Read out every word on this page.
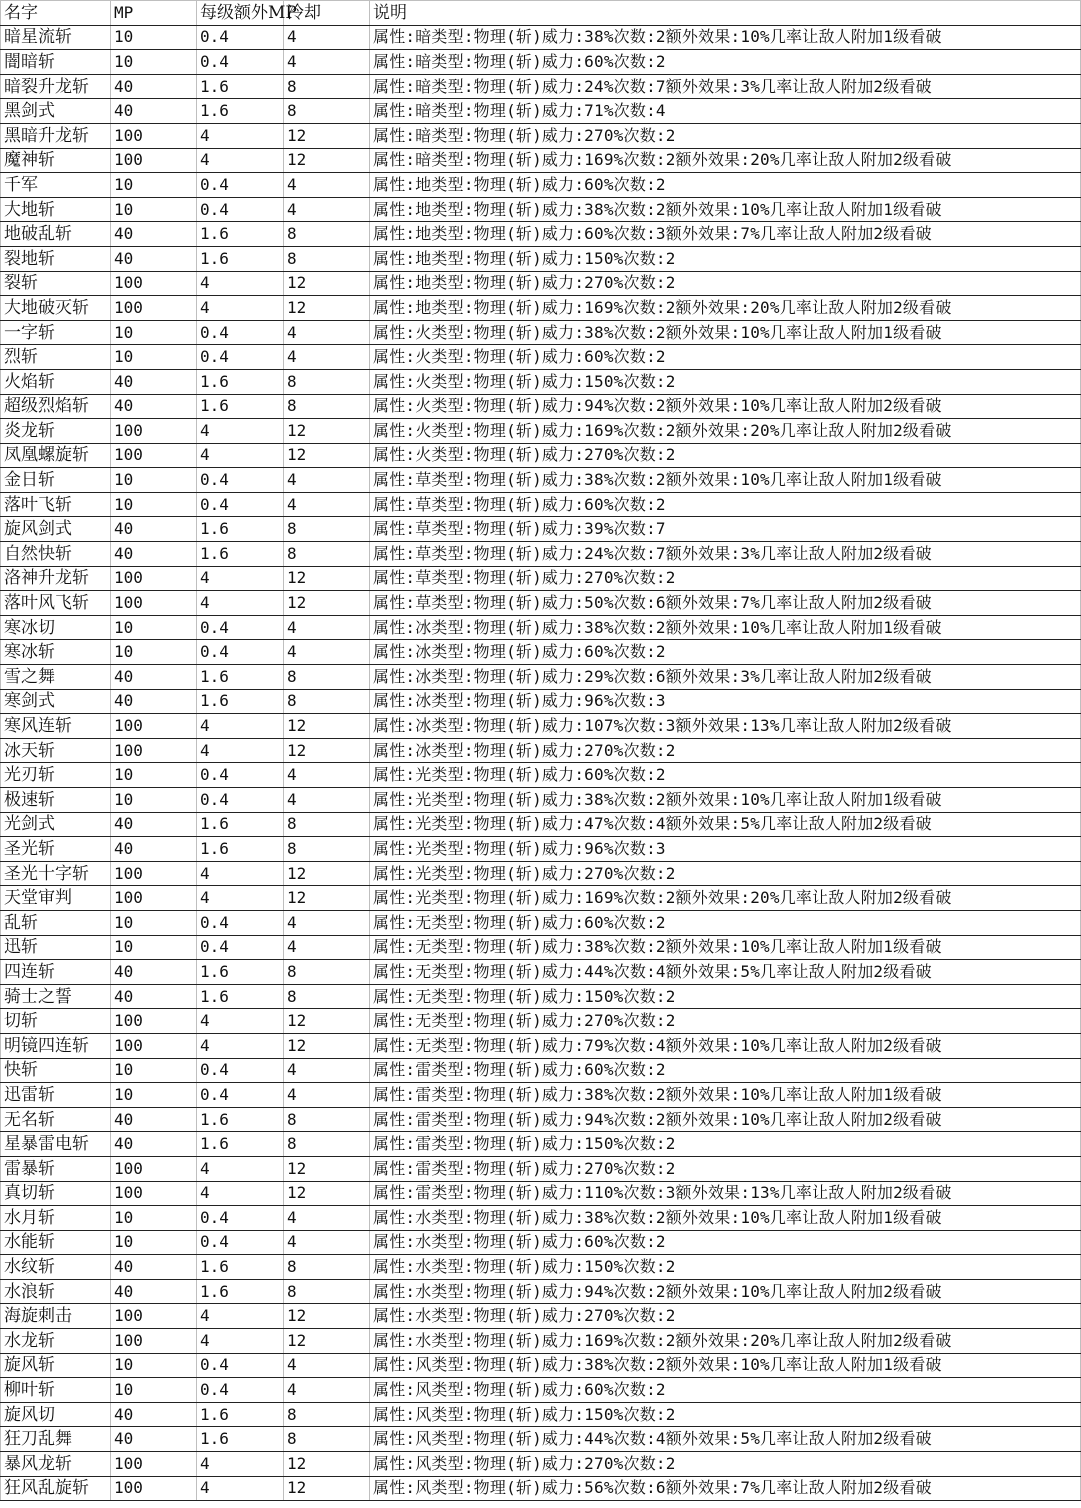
名字	MP	每级额外MP	冷却	说明
暗星流斩	10	0.4	4	属性:暗类型:物理(斩)威力:38%次数:2额外效果:10%几率让敌人附加1级看破
闇暗斩	10	0.4	4	属性:暗类型:物理(斩)威力:60%次数:2
暗裂升龙斩	40	1.6	8	属性:暗类型:物理(斩)威力:24%次数:7额外效果:3%几率让敌人附加2级看破
黑剑式	40	1.6	8	属性:暗类型:物理(斩)威力:71%次数:4
黑暗升龙斩	100	4	12	属性:暗类型:物理(斩)威力:270%次数:2
魔神斩	100	4	12	属性:暗类型:物理(斩)威力:169%次数:2额外效果:20%几率让敌人附加2级看破
千军	10	0.4	4	属性:地类型:物理(斩)威力:60%次数:2
大地斩	10	0.4	4	属性:地类型:物理(斩)威力:38%次数:2额外效果:10%几率让敌人附加1级看破
地破乱斩	40	1.6	8	属性:地类型:物理(斩)威力:60%次数:3额外效果:7%几率让敌人附加2级看破
裂地斩	40	1.6	8	属性:地类型:物理(斩)威力:150%次数:2
裂斩	100	4	12	属性:地类型:物理(斩)威力:270%次数:2
大地破灭斩	100	4	12	属性:地类型:物理(斩)威力:169%次数:2额外效果:20%几率让敌人附加2级看破
一字斩	10	0.4	4	属性:火类型:物理(斩)威力:38%次数:2额外效果:10%几率让敌人附加1级看破
烈斩	10	0.4	4	属性:火类型:物理(斩)威力:60%次数:2
火焰斩	40	1.6	8	属性:火类型:物理(斩)威力:150%次数:2
超级烈焰斩	40	1.6	8	属性:火类型:物理(斩)威力:94%次数:2额外效果:10%几率让敌人附加2级看破
炎龙斩	100	4	12	属性:火类型:物理(斩)威力:169%次数:2额外效果:20%几率让敌人附加2级看破
凤凰螺旋斩	100	4	12	属性:火类型:物理(斩)威力:270%次数:2
金日斩	10	0.4	4	属性:草类型:物理(斩)威力:38%次数:2额外效果:10%几率让敌人附加1级看破
落叶飞斩	10	0.4	4	属性:草类型:物理(斩)威力:60%次数:2
旋风剑式	40	1.6	8	属性:草类型:物理(斩)威力:39%次数:7
自然快斩	40	1.6	8	属性:草类型:物理(斩)威力:24%次数:7额外效果:3%几率让敌人附加2级看破
洛神升龙斩	100	4	12	属性:草类型:物理(斩)威力:270%次数:2
落叶风飞斩	100	4	12	属性:草类型:物理(斩)威力:50%次数:6额外效果:7%几率让敌人附加2级看破
寒冰切	10	0.4	4	属性:冰类型:物理(斩)威力:38%次数:2额外效果:10%几率让敌人附加1级看破
寒冰斩	10	0.4	4	属性:冰类型:物理(斩)威力:60%次数:2
雪之舞	40	1.6	8	属性:冰类型:物理(斩)威力:29%次数:6额外效果:3%几率让敌人附加2级看破
寒剑式	40	1.6	8	属性:冰类型:物理(斩)威力:96%次数:3
寒风连斩	100	4	12	属性:冰类型:物理(斩)威力:107%次数:3额外效果:13%几率让敌人附加2级看破
冰天斩	100	4	12	属性:冰类型:物理(斩)威力:270%次数:2
光刃斩	10	0.4	4	属性:光类型:物理(斩)威力:60%次数:2
极速斩	10	0.4	4	属性:光类型:物理(斩)威力:38%次数:2额外效果:10%几率让敌人附加1级看破
光剑式	40	1.6	8	属性:光类型:物理(斩)威力:47%次数:4额外效果:5%几率让敌人附加2级看破
圣光斩	40	1.6	8	属性:光类型:物理(斩)威力:96%次数:3
圣光十字斩	100	4	12	属性:光类型:物理(斩)威力:270%次数:2
天堂审判	100	4	12	属性:光类型:物理(斩)威力:169%次数:2额外效果:20%几率让敌人附加2级看破
乱斩	10	0.4	4	属性:无类型:物理(斩)威力:60%次数:2
迅斩	10	0.4	4	属性:无类型:物理(斩)威力:38%次数:2额外效果:10%几率让敌人附加1级看破
四连斩	40	1.6	8	属性:无类型:物理(斩)威力:44%次数:4额外效果:5%几率让敌人附加2级看破
骑士之誓	40	1.6	8	属性:无类型:物理(斩)威力:150%次数:2
切斩	100	4	12	属性:无类型:物理(斩)威力:270%次数:2
明镜四连斩	100	4	12	属性:无类型:物理(斩)威力:79%次数:4额外效果:10%几率让敌人附加2级看破
快斩	10	0.4	4	属性:雷类型:物理(斩)威力:60%次数:2
迅雷斩	10	0.4	4	属性:雷类型:物理(斩)威力:38%次数:2额外效果:10%几率让敌人附加1级看破
无名斩	40	1.6	8	属性:雷类型:物理(斩)威力:94%次数:2额外效果:10%几率让敌人附加2级看破
星暴雷电斩	40	1.6	8	属性:雷类型:物理(斩)威力:150%次数:2
雷暴斩	100	4	12	属性:雷类型:物理(斩)威力:270%次数:2
真切斩	100	4	12	属性:雷类型:物理(斩)威力:110%次数:3额外效果:13%几率让敌人附加2级看破
水月斩	10	0.4	4	属性:水类型:物理(斩)威力:38%次数:2额外效果:10%几率让敌人附加1级看破
水能斩	10	0.4	4	属性:水类型:物理(斩)威力:60%次数:2
水纹斩	40	1.6	8	属性:水类型:物理(斩)威力:150%次数:2
水浪斩	40	1.6	8	属性:水类型:物理(斩)威力:94%次数:2额外效果:10%几率让敌人附加2级看破
海旋刺击	100	4	12	属性:水类型:物理(斩)威力:270%次数:2
水龙斩	100	4	12	属性:水类型:物理(斩)威力:169%次数:2额外效果:20%几率让敌人附加2级看破
旋风斩	10	0.4	4	属性:风类型:物理(斩)威力:38%次数:2额外效果:10%几率让敌人附加1级看破
柳叶斩	10	0.4	4	属性:风类型:物理(斩)威力:60%次数:2
旋风切	40	1.6	8	属性:风类型:物理(斩)威力:150%次数:2
狂刀乱舞	40	1.6	8	属性:风类型:物理(斩)威力:44%次数:4额外效果:5%几率让敌人附加2级看破
暴风龙斩	100	4	12	属性:风类型:物理(斩)威力:270%次数:2
狂风乱旋斩	100	4	12	属性:风类型:物理(斩)威力:56%次数:6额外效果:7%几率让敌人附加2级看破
